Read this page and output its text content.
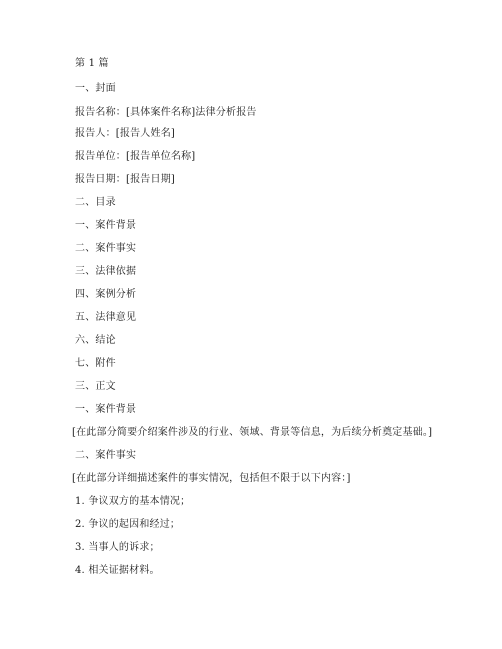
第 1 篇
一、封面
报告名称：[具体案件名称]法律分析报告
报告人：[报告人姓名]
报告单位：[报告单位名称]
报告日期：[报告日期]
二、目录
一、案件背景
二、案件事实
三、法律依据
四、案例分析
五、法律意见
六、结论
七、附件
三、正文
一、案件背景
[在此部分简要介绍案件涉及的行业、领域、背景等信息，为后续分析奠定基础。]
二、案件事实
[在此部分详细描述案件的事实情况，包括但不限于以下内容：]
1. 争议双方的基本情况；
2. 争议的起因和经过；
3. 当事人的诉求；
4. 相关证据材料。
